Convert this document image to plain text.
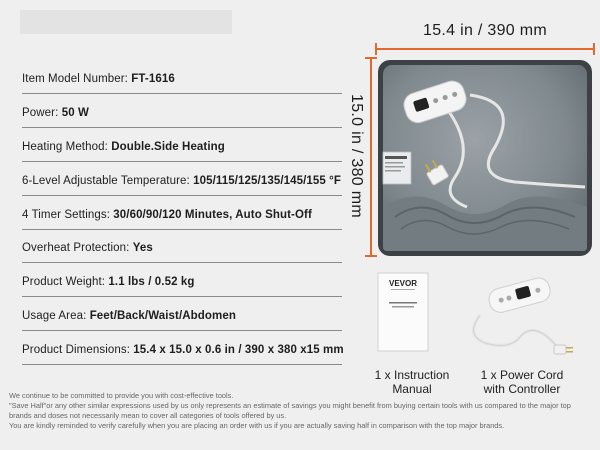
Item Model Number: FT-1616
Power: 50 W
Heating Method: Double.Side Heating
6-Level Adjustable Temperature: 105/115/125/135/145/155 °F
4 Timer Settings: 30/60/90/120 Minutes, Auto Shut-Off
Overheat Protection: Yes
Product Weight: 1.1 lbs / 0.52 kg
Usage Area: Feet/Back/Waist/Abdomen
Product Dimensions: 15.4 x 15.0 x 0.6 in / 390 x 380 x15 mm
15.4 in / 390 mm
15.0 in / 380 mm
VEVOR
1 x Instruction
Manual
1 x Power Cord
with Controller

We continue to be committed to provide you with cost-effective tools.

"Save Half"or any other similar expressions used by us only represents an estimate of savings you might benefit from buying certain tools with us compared to the major top brands and doses not necessarily mean to cover all categories of tools offered by us.

You are kindly reminded to verify carefully when you are placing an order with us if you are actually saving half in comparison with the top major brands.
